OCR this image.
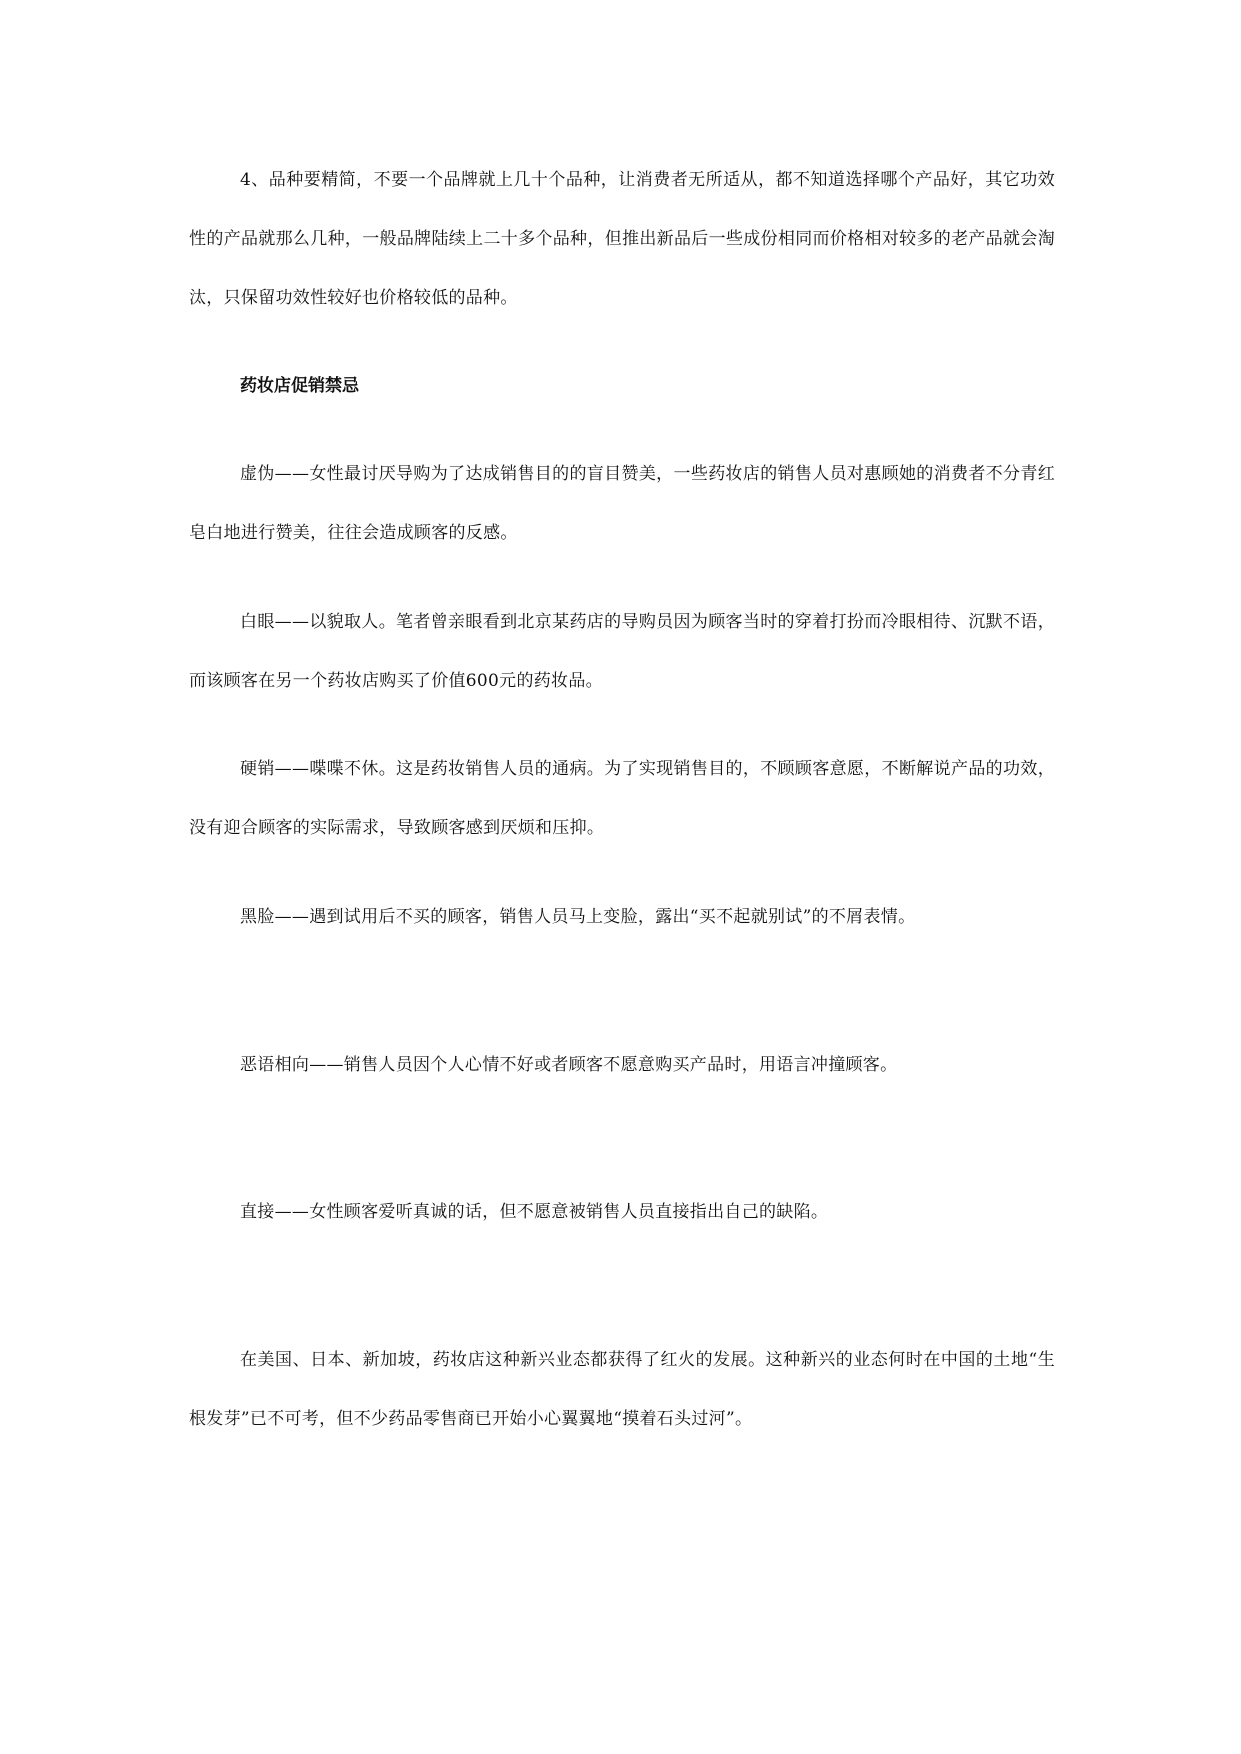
4、品种要精简，不要一个品牌就上几十个品种，让消费者无所适从，都不知道选择哪个产品好，其它功效性的产品就那么几种，一般品牌陆续上二十多个品种，但推出新品后一些成份相同而价格相对较多的老产品就会淘汰，只保留功效性较好也价格较低的品种。

药妆店促销禁忌

虚伪——女性最讨厌导购为了达成销售目的的盲目赞美，一些药妆店的销售人员对惠顾她的消费者不分青红皂白地进行赞美，往往会造成顾客的反感。

白眼——以貌取人。笔者曾亲眼看到北京某药店的导购员因为顾客当时的穿着打扮而冷眼相待、沉默不语，而该顾客在另一个药妆店购买了价值600元的药妆品。

硬销——喋喋不休。这是药妆销售人员的通病。为了实现销售目的，不顾顾客意愿，不断解说产品的功效，没有迎合顾客的实际需求，导致顾客感到厌烦和压抑。

黑脸——遇到试用后不买的顾客，销售人员马上变脸，露出“买不起就别试”的不屑表情。

恶语相向——销售人员因个人心情不好或者顾客不愿意购买产品时，用语言冲撞顾客。

直接——女性顾客爱听真诚的话，但不愿意被销售人员直接指出自己的缺陷。

在美国、日本、新加坡，药妆店这种新兴业态都获得了红火的发展。这种新兴的业态何时在中国的土地“生根发芽”已不可考，但不少药品零售商已开始小心翼翼地“摸着石头过河”。
